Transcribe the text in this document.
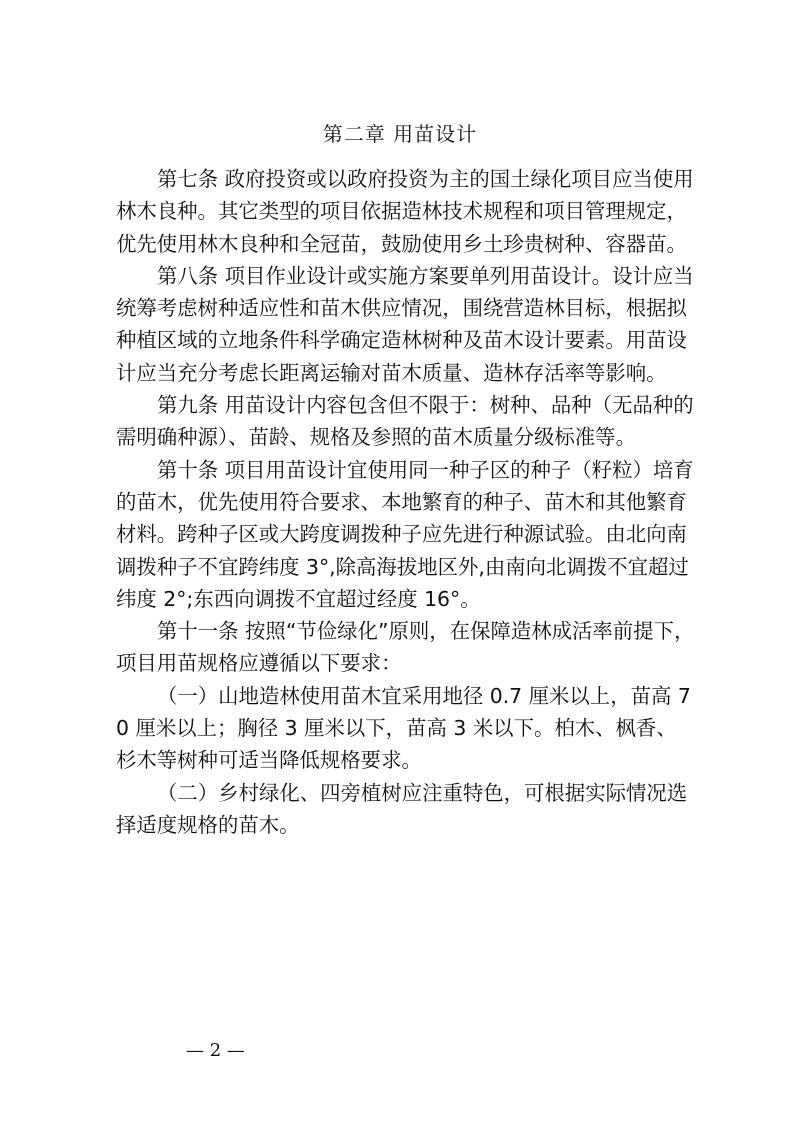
第二章 用苗设计

第七条 政府投资或以政府投资为主的国土绿化项目应当使用林木良种。其它类型的项目依据造林技术规程和项目管理规定，优先使用林木良种和全冠苗，鼓励使用乡土珍贵树种、容器苗。

第八条 项目作业设计或实施方案要单列用苗设计。设计应当统筹考虑树种适应性和苗木供应情况，围绕营造林目标，根据拟种植区域的立地条件科学确定造林树种及苗木设计要素。用苗设计应当充分考虑长距离运输对苗木质量、造林存活率等影响。

第九条 用苗设计内容包含但不限于：树种、品种（无品种的需明确种源）、苗龄、规格及参照的苗木质量分级标准等。

第十条 项目用苗设计宜使用同一种子区的种子（籽粒）培育的苗木，优先使用符合要求、本地繁育的种子、苗木和其他繁育材料。跨种子区或大跨度调拨种子应先进行种源试验。由北向南调拨种子不宜跨纬度 3°,除高海拔地区外,由南向北调拨不宜超过纬度 2°;东西向调拨不宜超过经度 16°。

第十一条 按照“节俭绿化”原则，在保障造林成活率前提下，项目用苗规格应遵循以下要求：

（一）山地造林使用苗木宜采用地径 0.7 厘米以上，苗高 70 厘米以上；胸径 3 厘米以下，苗高 3 米以下。柏木、枫香、杉木等树种可适当降低规格要求。

（二）乡村绿化、四旁植树应注重特色，可根据实际情况选择适度规格的苗木。

— 2 —
